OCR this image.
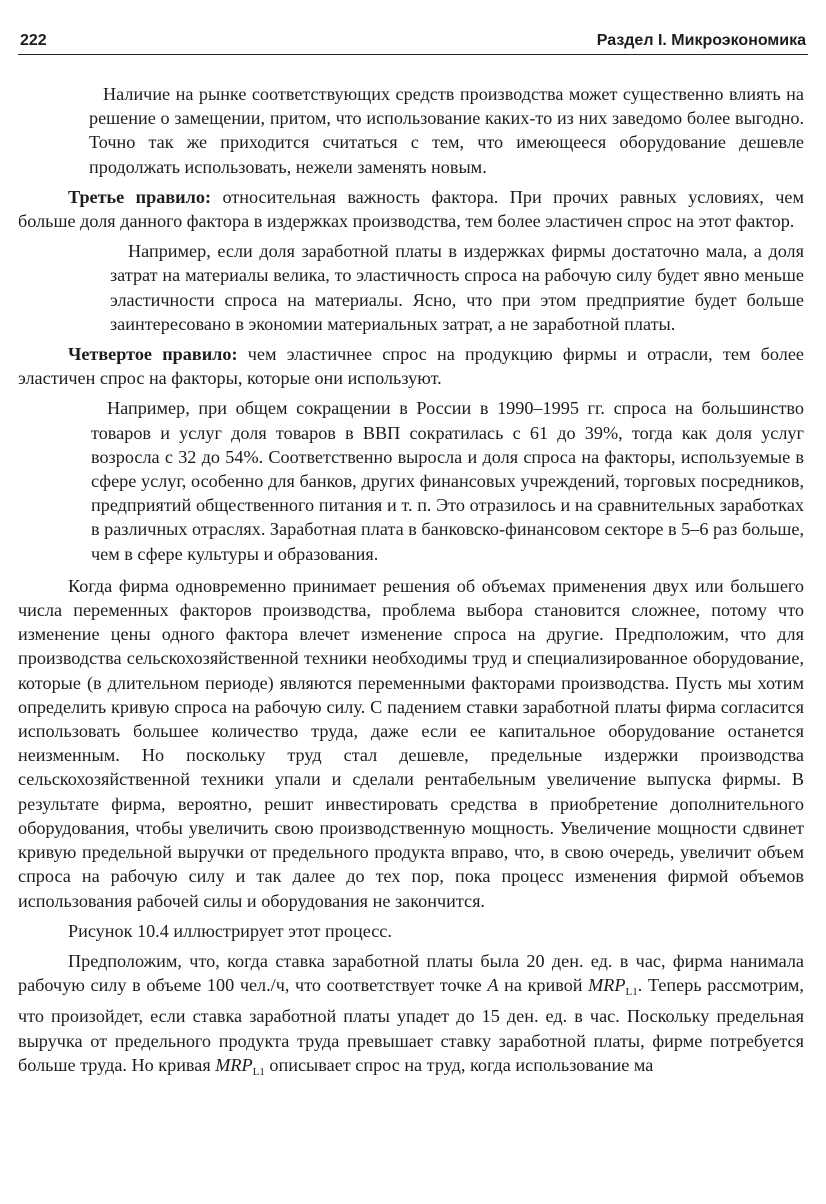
222	Раздел I. Микроэкономика

Наличие на рынке соответствующих средств производства может существенно влиять на решение о замещении, притом, что использование каких-то из них заведомо более выгодно. Точно так же приходится считаться с тем, что имеющееся оборудование дешевле продолжать использовать, нежели заменять новым.

Третье правило: относительная важность фактора. При прочих равных условиях, чем больше доля данного фактора в издержках производства, тем более эластичен спрос на этот фактор.

Например, если доля заработной платы в издержках фирмы достаточно мала, а доля затрат на материалы велика, то эластичность спроса на рабочую силу будет явно меньше эластичности спроса на материалы. Ясно, что при этом предприятие будет больше заинтересовано в экономии материальных затрат, а не заработной платы.

Четвертое правило: чем эластичнее спрос на продукцию фирмы и отрасли, тем более эластичен спрос на факторы, которые они используют.

Например, при общем сокращении в России в 1990–1995 гг. спроса на большинство товаров и услуг доля товаров в ВВП сократилась с 61 до 39%, тогда как доля услуг возросла с 32 до 54%. Соответственно выросла и доля спроса на факторы, используемые в сфере услуг, особенно для банков, других финансовых учреждений, торговых посредников, предприятий общественного питания и т. п. Это отразилось и на сравнительных заработках в различных отраслях. Заработная плата в банковско-финансовом секторе в 5–6 раз больше, чем в сфере культуры и образования.

Когда фирма одновременно принимает решения об объемах применения двух или большего числа переменных факторов производства, проблема выбора становится сложнее, потому что изменение цены одного фактора влечет изменение спроса на другие. Предположим, что для производства сельскохозяйственной техники необходимы труд и специализированное оборудование, которые (в длительном периоде) являются переменными факторами производства. Пусть мы хотим определить кривую спроса на рабочую силу. С падением ставки заработной платы фирма согласится использовать большее количество труда, даже если ее капитальное оборудование останется неизменным. Но поскольку труд стал дешевле, предельные издержки производства сельскохозяйственной техники упали и сделали рентабельным увеличение выпуска фирмы. В результате фирма, вероятно, решит инвестировать средства в приобретение дополнительного оборудования, чтобы увеличить свою производственную мощность. Увеличение мощности сдвинет кривую предельной выручки от предельного продукта вправо, что, в свою очередь, увеличит объем спроса на рабочую силу и так далее до тех пор, пока процесс изменения фирмой объемов использования рабочей силы и оборудования не закончится.

Рисунок 10.4 иллюстрирует этот процесс.

Предположим, что, когда ставка заработной платы была 20 ден. ед. в час, фирма нанимала рабочую силу в объеме 100 чел./ч, что соответствует точке A на кривой $MRP_{L1}$. Теперь рассмотрим, что произойдет, если ставка заработной платы упадет до 15 ден. ед. в час. Поскольку предельная выручка от предельного продукта труда превышает ставку заработной платы, фирме потребуется больше труда. Но кривая $MRP_{L1}$ описывает спрос на труд, когда использование ма
